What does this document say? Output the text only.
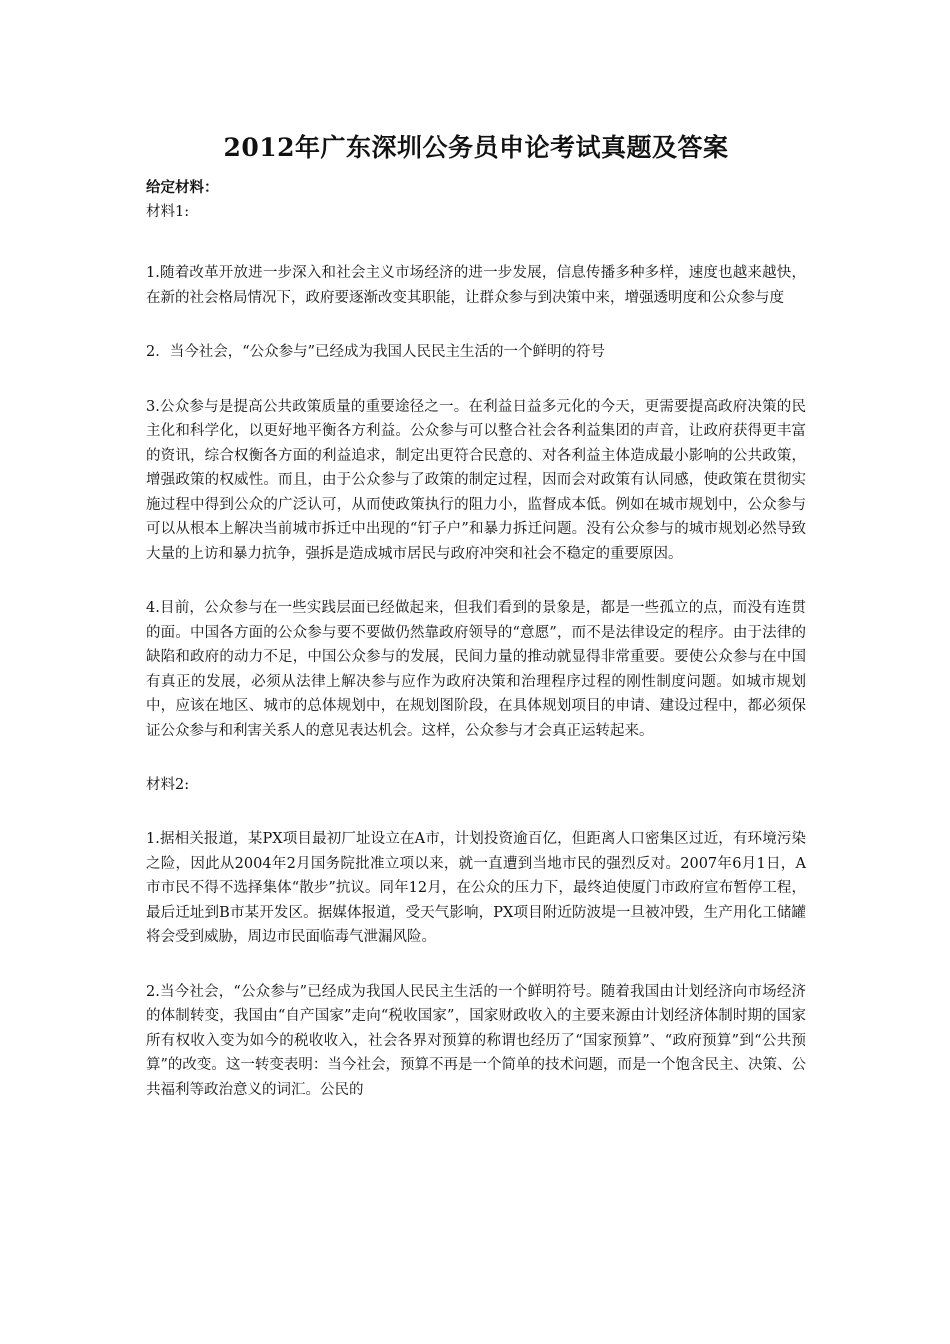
2012年广东深圳公务员申论考试真题及答案

给定材料：

材料1:

1.随着改革开放进一步深入和社会主义市场经济的进一步发展，信息传播多种多样，速度也越来越快，在新的社会格局情况下，政府要逐渐改变其职能，让群众参与到决策中来，增强透明度和公众参与度

2．当今社会，“公众参与”已经成为我国人民民主生活的一个鲜明的符号

3.公众参与是提高公共政策质量的重要途径之一。在利益日益多元化的今天，更需要提高政府决策的民主化和科学化，以更好地平衡各方利益。公众参与可以整合社会各利益集团的声音，让政府获得更丰富的资讯，综合权衡各方面的利益追求，制定出更符合民意的、对各利益主体造成最小影响的公共政策，增强政策的权威性。而且，由于公众参与了政策的制定过程，因而会对政策有认同感，使政策在贯彻实施过程中得到公众的广泛认可，从而使政策执行的阻力小，监督成本低。例如在城市规划中，公众参与可以从根本上解决当前城市拆迁中出现的“钉子户”和暴力拆迁问题。没有公众参与的城市规划必然导致大量的上访和暴力抗争，强拆是造成城市居民与政府冲突和社会不稳定的重要原因。

4.目前，公众参与在一些实践层面已经做起来，但我们看到的景象是，都是一些孤立的点，而没有连贯的面。中国各方面的公众参与要不要做仍然靠政府领导的“意愿”，而不是法律设定的程序。由于法律的缺陷和政府的动力不足，中国公众参与的发展，民间力量的推动就显得非常重要。要使公众参与在中国有真正的发展，必须从法律上解决参与应作为政府决策和治理程序过程的刚性制度问题。如城市规划中，应该在地区、城市的总体规划中，在规划图阶段，在具体规划项目的申请、建设过程中，都必须保证公众参与和利害关系人的意见表达机会。这样，公众参与才会真正运转起来。

材料2:

1.据相关报道，某PX项目最初厂址设立在A市，计划投资逾百亿，但距离人口密集区过近，有环境污染之险，因此从2004年2月国务院批准立项以来，就一直遭到当地市民的强烈反对。2007年6月1日，A市市民不得不选择集体“散步”抗议。同年12月，在公众的压力下，最终迫使厦门市政府宣布暂停工程，最后迁址到B市某开发区。据媒体报道，受天气影响，PX项目附近防波堤一旦被冲毁，生产用化工储罐将会受到威胁，周边市民面临毒气泄漏风险。

2.当今社会，“公众参与”已经成为我国人民民主生活的一个鲜明符号。随着我国由计划经济向市场经济的体制转变，我国由“自产国家”走向“税收国家”，国家财政收入的主要来源由计划经济体制时期的国家所有权收入变为如今的税收收入，社会各界对预算的称谓也经历了“国家预算”、“政府预算”到“公共预算”的改变。这一转变表明：当今社会，预算不再是一个简单的技术问题，而是一个饱含民主、决策、公共福利等政治意义的词汇。公民的
